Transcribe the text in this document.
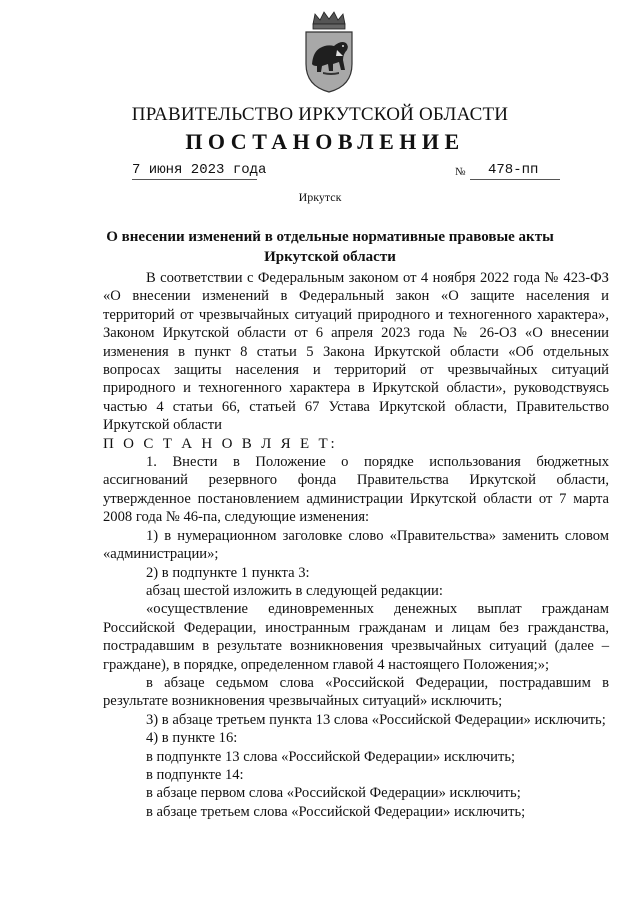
ПРАВИТЕЛЬСТВО ИРКУТСКОЙ ОБЛАСТИ
ПОСТАНОВЛЕНИЕ
7 июня 2023 года	№	478-пп
Иркутск
О внесении изменений в отдельные нормативные правовые акты
Иркутской области

В соответствии с Федеральным законом от 4 ноября 2022 года № 423-ФЗ «О внесении изменений в Федеральный закон «О защите населения и территорий от чрезвычайных ситуаций природного и техногенного характера», Законом Иркутской области от 6 апреля 2023 года № 26-ОЗ «О внесении изменения в пункт 8 статьи 5 Закона Иркутской области «Об отдельных вопросах защиты населения и территорий от чрезвычайных ситуаций природного и техногенного характера в Иркутской области», руководствуясь частью 4 статьи 66, статьей 67 Устава Иркутской области, Правительство Иркутской области

П О С Т А Н О В Л Я Е Т:

1. Внести в Положение о порядке использования бюджетных ассигнований резервного фонда Правительства Иркутской области, утвержденное постановлением администрации Иркутской области от 7 марта 2008 года № 46-па, следующие изменения:

1) в нумерационном заголовке слово «Правительства» заменить словом «администрации»;

2) в подпункте 1 пункта 3:

абзац шестой изложить в следующей редакции:

«осуществление единовременных денежных выплат гражданам Российской Федерации, иностранным гражданам и лицам без гражданства, пострадавшим в результате возникновения чрезвычайных ситуаций (далее – граждане), в порядке, определенном главой 4 настоящего Положения;»;

в абзаце седьмом слова «Российской Федерации, пострадавшим в результате возникновения чрезвычайных ситуаций» исключить;

3) в абзаце третьем пункта 13 слова «Российской Федерации» исключить;

4) в пункте 16:

в подпункте 13 слова «Российской Федерации» исключить;

в подпункте 14:

в абзаце первом слова «Российской Федерации» исключить;

в абзаце третьем слова «Российской Федерации» исключить;
